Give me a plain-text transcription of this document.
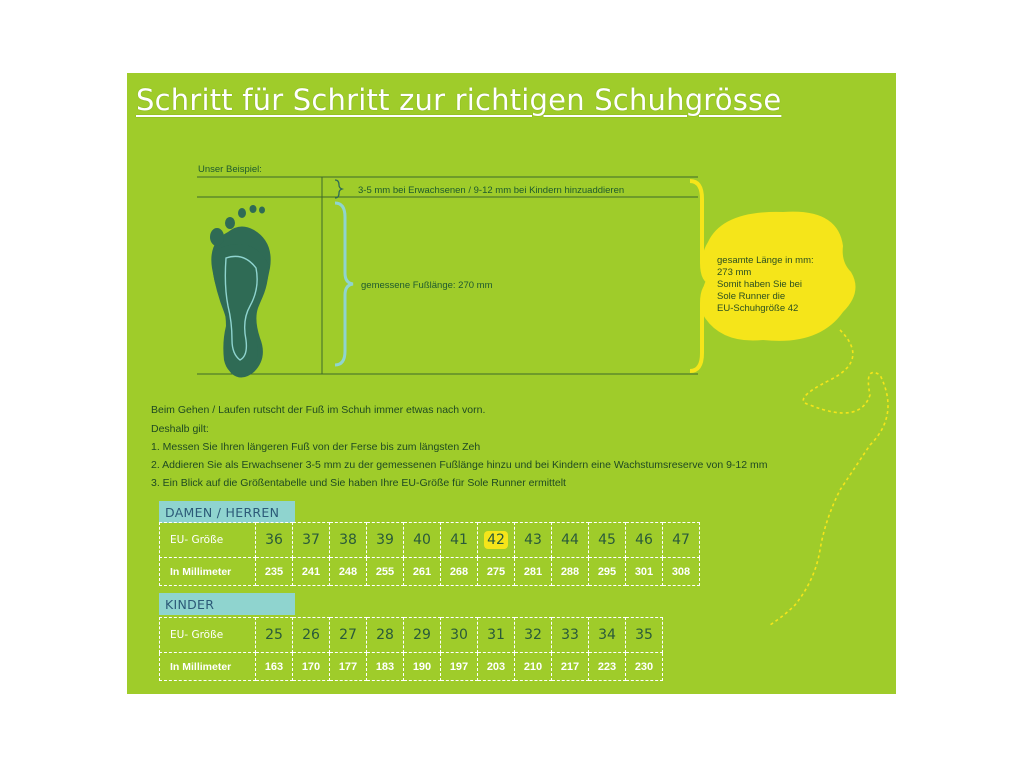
Schritt für Schritt zur richtigen Schuhgrösse
Unser Beispiel:
3-5 mm bei Erwachsenen / 9-12 mm bei Kindern hinzuaddieren
gemessene Fußlänge: 270 mm
gesamte Länge in mm:
273 mm
Somit haben Sie bei
Sole Runner die
EU-Schuhgröße 42
Beim Gehen / Laufen rutscht der Fuß im Schuh immer etwas nach vorn.
Deshalb gilt:
1. Messen Sie Ihren längeren Fuß von der Ferse bis zum längsten Zeh
2. Addieren Sie als Erwachsener 3-5 mm zu der gemessenen Fußlänge hinzu und bei Kindern eine Wachstumsreserve von 9-12 mm
3. Ein Blick auf die Größentabelle und Sie haben Ihre EU-Größe für Sole Runner ermittelt
DAMEN / HERREN
EU- Größe	36	37	38	39	40	41	42	43	44	45	46	47
In Millimeter	235	241	248	255	261	268	275	281	288	295	301	308
KINDER
EU- Größe	25	26	27	28	29	30	31	32	33	34	35
In Millimeter	163	170	177	183	190	197	203	210	217	223	230
